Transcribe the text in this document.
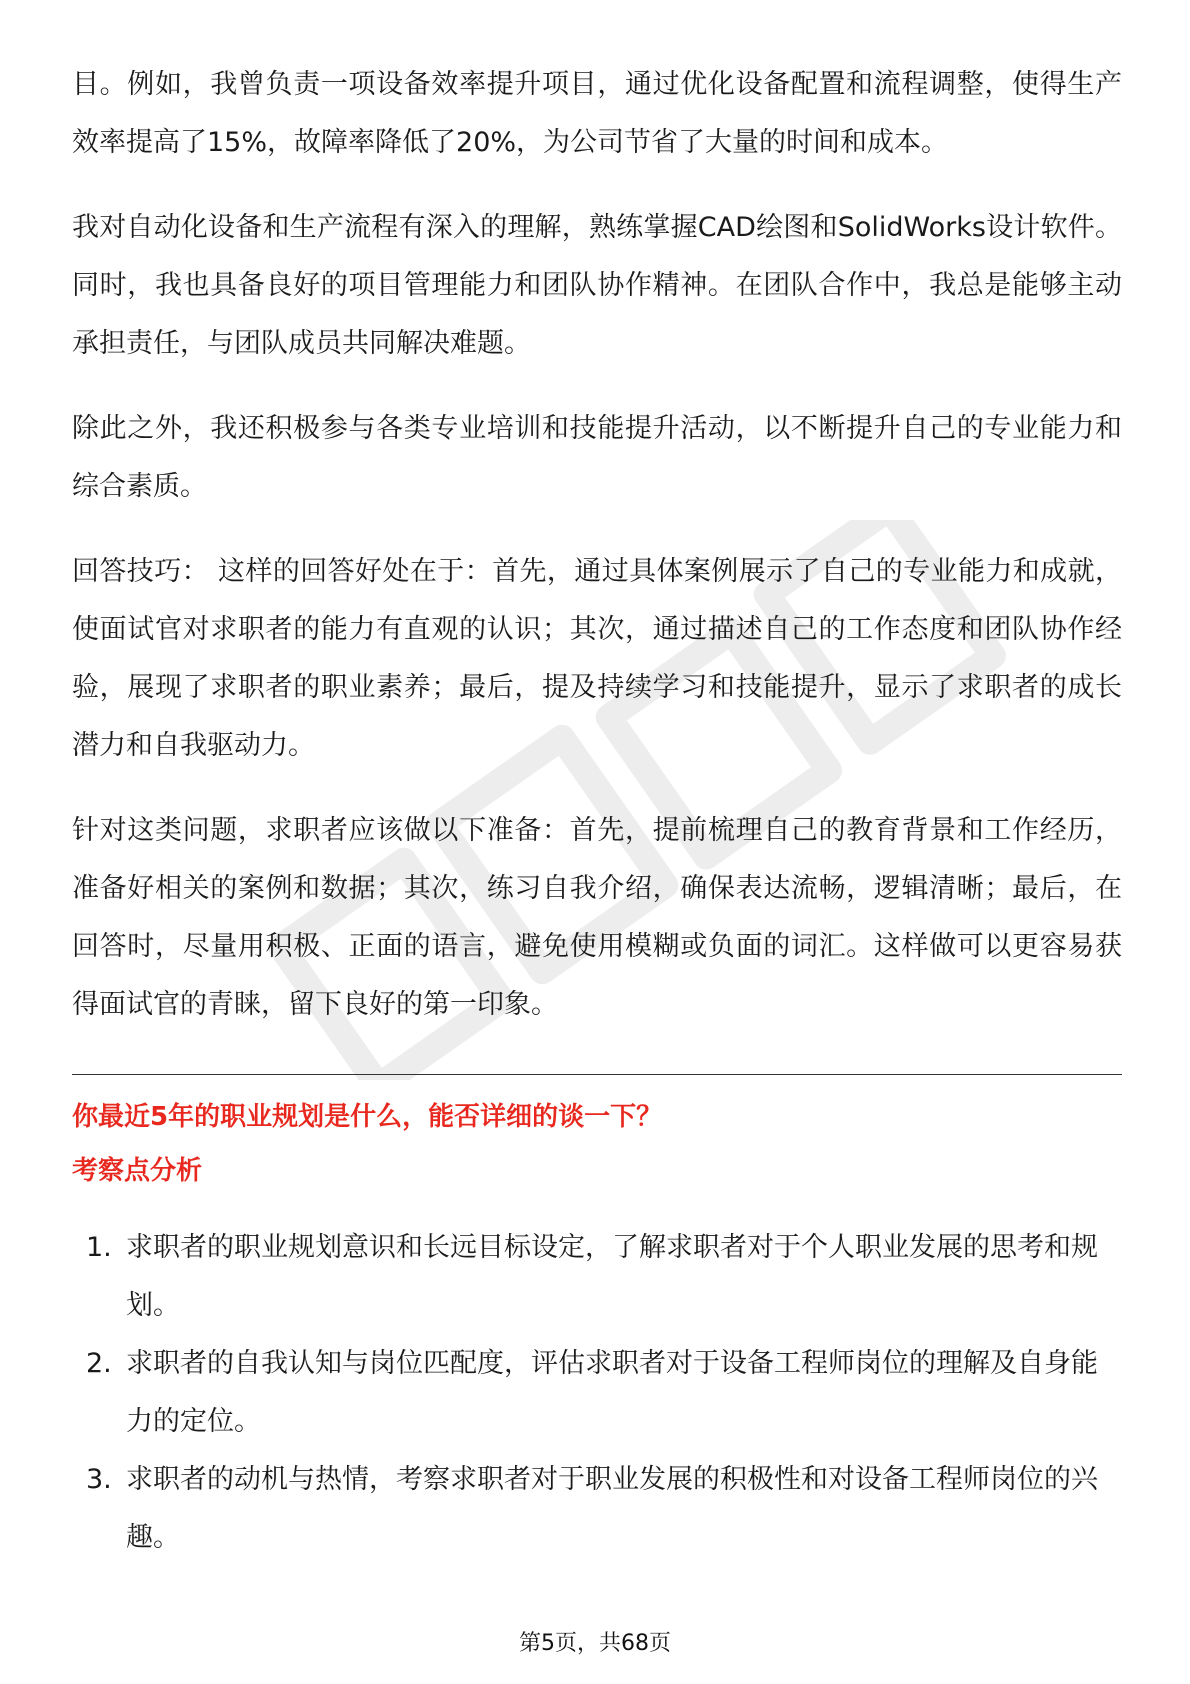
目。例如，我曾负责一项设备效率提升项目，通过优化设备配置和流程调整，使得生产效率提高了15%，故障率降低了20%，为公司节省了大量的时间和成本。

我对自动化设备和生产流程有深入的理解，熟练掌握CAD绘图和SolidWorks设计软件。同时，我也具备良好的项目管理能力和团队协作精神。在团队合作中，我总是能够主动承担责任，与团队成员共同解决难题。

除此之外，我还积极参与各类专业培训和技能提升活动，以不断提升自己的专业能力和综合素质。

回答技巧： 这样的回答好处在于：首先，通过具体案例展示了自己的专业能力和成就，使面试官对求职者的能力有直观的认识；其次，通过描述自己的工作态度和团队协作经验，展现了求职者的职业素养；最后，提及持续学习和技能提升，显示了求职者的成长潜力和自我驱动力。

针对这类问题，求职者应该做以下准备：首先，提前梳理自己的教育背景和工作经历，准备好相关的案例和数据；其次，练习自我介绍，确保表达流畅，逻辑清晰；最后，在回答时，尽量用积极、正面的语言，避免使用模糊或负面的词汇。这样做可以更容易获得面试官的青睐，留下良好的第一印象。

你最近5年的职业规划是什么，能否详细的谈一下？
考察点分析
1. 求职者的职业规划意识和长远目标设定，了解求职者对于个人职业发展的思考和规划。
2. 求职者的自我认知与岗位匹配度，评估求职者对于设备工程师岗位的理解及自身能力的定位。
3. 求职者的动机与热情，考察求职者对于职业发展的积极性和对设备工程师岗位的兴趣。
第5页，共68页
